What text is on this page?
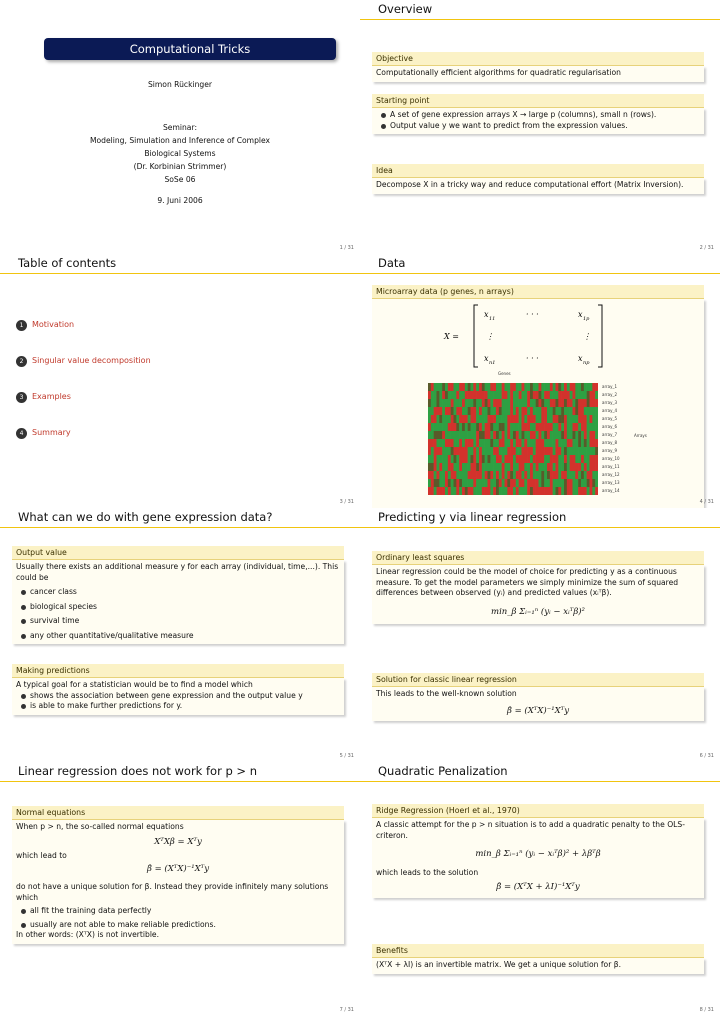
Computational Tricks
Simon Rückinger
Seminar:
Modeling, Simulation and Inference of Complex
Biological Systems
(Dr. Korbinian Strimmer)
SoSe 06
9. Juni 2006
1 / 31
Overview
Objective
Computationally efficient algorithms for quadratic regularisation
Starting point
A set of gene expression arrays X → large p (columns), small n (rows).
Output value y we want to predict from the expression values.
Idea
Decompose X in a tricky way and reduce computational effort (Matrix Inversion).
2 / 31
Table of contents
1 Motivation
2 Singular value decomposition
3 Examples
4 Summary
3 / 31
Data
Microarray data (p genes, n arrays)
X =
x 11	· · ·	x 1p
⋮	⋮
x n1	· · ·	x np
Genes
Arrays
array_1
array_2
array_3
array_4
array_5
array_6
array_7
array_8
array_9
array_10
array_11
array_12
array_13
array_14
4 / 31
What can we do with gene expression data?
Output value
Usually there exists an additional measure y for each array (individual, time,...). This could be
cancer class
biological species
survival time
any other quantitative/qualitative measure
Making predictions
A typical goal for a statistician would be to find a model which
shows the association between gene expression and the output value y
is able to make further predictions for y.
5 / 31
Predicting y via linear regression
Ordinary least squares
Linear regression could be the model of choice for predicting y as a continuous measure. To get the model parameters we simply minimize the sum of squared differences between observed (yᵢ) and predicted values (xᵢᵀβ).
min_β Σᵢ₌₁ⁿ (yᵢ − xᵢᵀβ)²
Solution for classic linear regression
This leads to the well-known solution
β̂ = (XᵀX)⁻¹Xᵀy
6 / 31
Linear regression does not work for p > n
Normal equations
When p > n, the so-called normal equations
XᵀXβ = Xᵀy
which lead to
β̂ = (XᵀX)⁻¹Xᵀy
do not have a unique solution for β. Instead they provide infinitely many solutions which
all fit the training data perfectly
usually are not able to make reliable predictions.
In other words: (XᵀX) is not invertible.
7 / 31
Quadratic Penalization
Ridge Regression (Hoerl et al., 1970)
A classic attempt for the p > n situation is to add a quadratic penalty to the OLS-criteron.
min_β Σᵢ₌₁ⁿ (yᵢ − xᵢᵀβ)² + λβᵀβ
which leads to the solution
β̂ = (XᵀX + λI)⁻¹Xᵀy
Benefits
(XᵀX + λI) is an invertible matrix. We get a unique solution for β.
8 / 31
